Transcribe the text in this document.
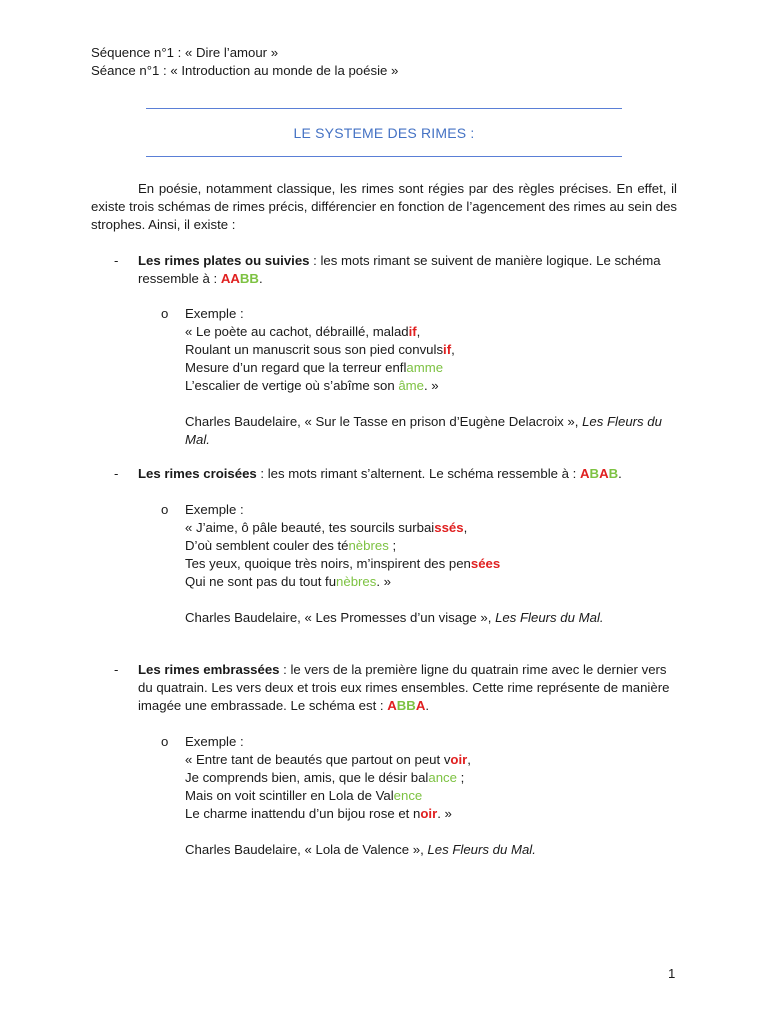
Séquence n°1 : « Dire l’amour »
Séance n°1 : « Introduction au monde de la poésie »
LE SYSTEME DES RIMES :

En poésie, notamment classique, les rimes sont régies par des règles précises. En effet, il existe trois schémas de rimes précis, différencier en fonction de l’agencement des rimes au sein des strophes. Ainsi, il existe :

- Les rimes plates ou suivies : les mots rimant se suivent de manière logique. Le schéma ressemble à : AABB.

o Exemple :
« Le poète au cachot, débraillé, maladif,
Roulant un manuscrit sous son pied convulsif,
Mesure d’un regard que la terreur enflamme
L’escalier de vertige où s’abîme son âme. »
Charles Baudelaire, « Sur le Tasse en prison d’Eugène Delacroix », Les Fleurs du Mal.
- Les rimes croisées : les mots rimant s’alternent. Le schéma ressemble à : ABAB.

o Exemple :
« J’aime, ô pâle beauté, tes sourcils surbaissés,
D’où semblent couler des ténèbres ;
Tes yeux, quoique très noirs, m’inspirent des pensées
Qui ne sont pas du tout funèbres. »
Charles Baudelaire, « Les Promesses d’un visage », Les Fleurs du Mal.
- Les rimes embrassées : le vers de la première ligne du quatrain rime avec le dernier vers du quatrain. Les vers deux et trois eux rimes ensembles. Cette rime représente de manière imagée une embrassade. Le schéma est : ABBA.

o Exemple :
« Entre tant de beautés que partout on peut voir,
Je comprends bien, amis, que le désir balance ;
Mais on voit scintiller en Lola de Valence
Le charme inattendu d’un bijou rose et noir. »
Charles Baudelaire, « Lola de Valence », Les Fleurs du Mal.
1
